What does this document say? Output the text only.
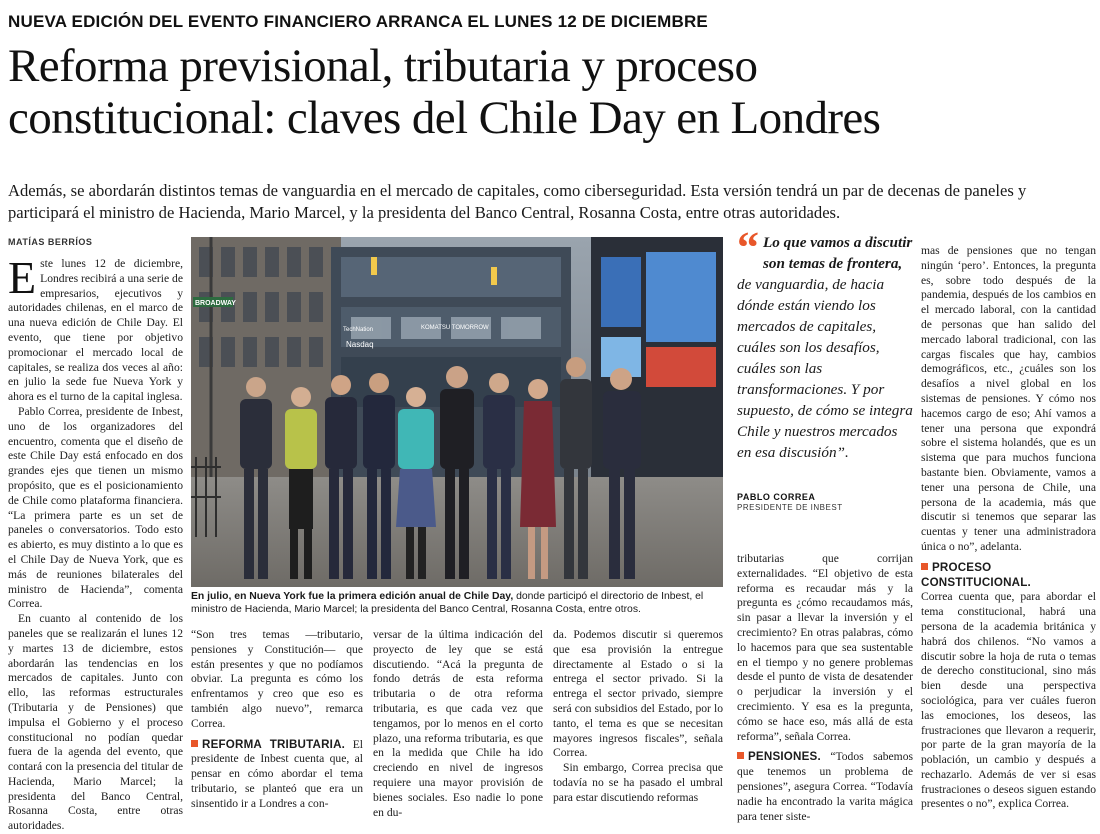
NUEVA EDICIÓN DEL EVENTO FINANCIERO ARRANCA EL LUNES 12 DE DICIEMBRE
Reforma previsional, tributaria y proceso
constitucional: claves del Chile Day en Londres
Además, se abordarán distintos temas de vanguardia en el mercado de capitales, como ciberseguridad. Esta versión tendrá un par de decenas de paneles y participará el ministro de Hacienda, Mario Marcel, y la presidenta del Banco Central, Rosanna Costa, entre otras autoridades.
MATÍAS BERRÍOS

Este lunes 12 de diciembre, Londres recibirá a una serie de empresarios, ejecutivos y autoridades chilenas, en el marco de una nueva edición de Chile Day. El evento, que tiene por objetivo promocionar el mercado local de capitales, se realiza dos veces al año: en julio la sede fue Nueva York y ahora es el turno de la capital inglesa.

Pablo Correa, presidente de Inbest, uno de los organizadores del encuentro, comenta que el diseño de este Chile Day está enfocado en dos grandes ejes que tienen un mismo propósito, que es el posicionamiento de Chile como plataforma financiera. “La primera parte es un set de paneles o conversatorios. Todo esto es abierto, es muy distinto a lo que es el Chile Day de Nueva York, que es más de reuniones bilaterales del ministro de Hacienda”, comenta Correa.

En cuanto al contenido de los paneles que se realizarán el lunes 12 y martes 13 de diciembre, estos abordarán las tendencias en los mercados de capitales. Junto con ello, las reformas estructurales (Tributaria y de Pensiones) que impulsa el Gobierno y el proceso constitucional no podían quedar fuera de la agenda del evento, que contará con la presencia del titular de Hacienda, Mario Marcel; la presidenta del Banco Central, Rosanna Costa, entre otras autoridades.

BROADWAY
Nasdaq
KOMATSU TOMORROW
TechNation
En julio, en Nueva York fue la primera edición anual de Chile Day, donde participó el directorio de Inbest, el ministro de Hacienda, Mario Marcel; la presidenta del Banco Central, Rosanna Costa, entre otros.

“Son tres temas —tributario, pensiones y Constitución— que están presentes y que no podíamos obviar. La pregunta es cómo los enfrentamos y creo que eso es también algo nuevo”, remarca Correa.

REFORMA TRIBUTARIA. El presidente de Inbest cuenta que, al pensar en cómo abordar el tema tributario, se planteó que era un sinsentido ir a Londres a con-

versar de la última indicación del proyecto de ley que se está discutiendo. “Acá la pregunta de fondo detrás de esta reforma tributaria o de otra reforma tributaria, es que cada vez que tengamos, por lo menos en el corto plazo, una reforma tributaria, es que en la medida que Chile ha ido creciendo en nivel de ingresos requiere una mayor provisión de bienes sociales. Eso nadie lo pone en du-

da. Podemos discutir si queremos que esa provisión la entregue directamente al Estado o si la entrega el sector privado. Si la entrega el sector privado, siempre será con subsidios del Estado, por lo tanto, el tema es que se necesitan mayores ingresos fiscales”, señala Correa.

Sin embargo, Correa precisa que todavía no se ha pasado el umbral para estar discutiendo reformas

“ Lo que vamos a discutir son temas de frontera, de vanguardia, de hacia dónde están viendo los mercados de capitales, cuáles son los desafíos, cuáles son las transformaciones. Y por supuesto, de cómo se integra Chile y nuestros mercados en esa discusión”.
PABLO CORREA
PRESIDENTE DE INBEST

tributarias que corrijan externalidades. “El objetivo de esta reforma es recaudar más y la pregunta es ¿cómo recaudamos más, sin pasar a llevar la inversión y el crecimiento? En otras palabras, cómo lo hacemos para que sea sustentable en el tiempo y no genere problemas desde el punto de vista de desatender o perjudicar la inversión y el crecimiento. Y esa es la pregunta, cómo se hace eso, más allá de esta reforma”, señala Correa.

PENSIONES. “Todos sabemos que tenemos un problema de pensiones”, asegura Correa. “Todavía nadie ha encontrado la varita mágica para tener siste-

mas de pensiones que no tengan ningún ‘pero’. Entonces, la pregunta es, sobre todo después de la pandemia, después de los cambios en el mercado laboral, con la cantidad de personas que han salido del mercado laboral tradicional, con las cargas fiscales que hay, cambios demográficos, etc., ¿cuáles son los desafíos a nivel global en los sistemas de pensiones. Y cómo nos hacemos cargo de eso; Ahí vamos a tener una persona que expondrá sobre el sistema holandés, que es un sistema que para muchos funciona bastante bien. Obviamente, vamos a tener una persona de Chile, una persona de la academia, más que discutir si tenemos que separar las cuentas y tener una administradora única o no”, adelanta.

PROCESO CONSTITUCIONAL.

Correa cuenta que, para abordar el tema constitucional, habrá una persona de la academia británica y habrá dos chilenos. “No vamos a discutir sobre la hoja de ruta o temas de derecho constitucional, sino más bien desde una perspectiva sociológica, para ver cuáles fueron las emociones, los deseos, las frustraciones que llevaron a requerir, por parte de la gran mayoría de la población, un cambio y después a rechazarlo. Además de ver si esas frustraciones o deseos siguen estando presentes o no”, explica Correa.
